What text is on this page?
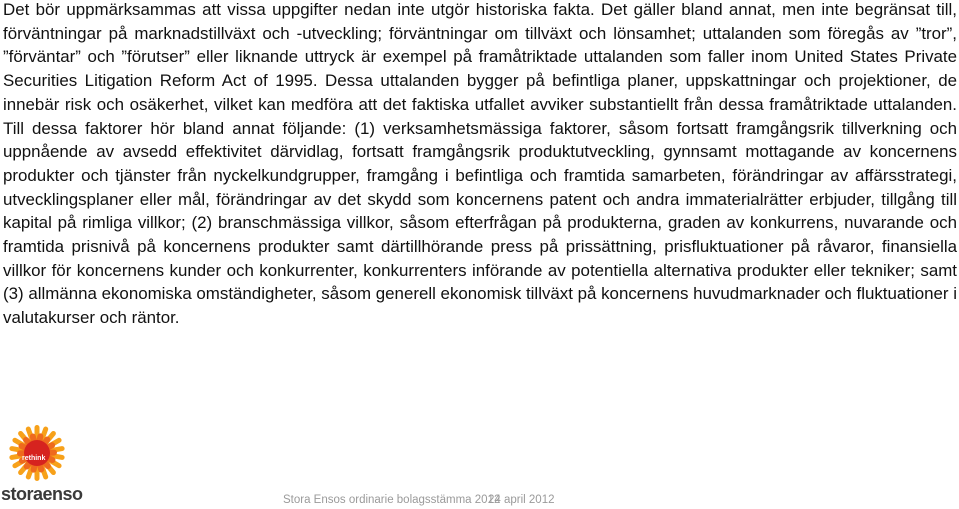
Det bör uppmärksammas att vissa uppgifter nedan inte utgör historiska fakta. Det gäller bland annat, men inte begränsat till, förväntningar på marknadstillväxt och -utveckling; förväntningar om tillväxt och lönsamhet; uttalanden som föregås av ”tror”, ”förväntar” och ”förutser” eller liknande uttryck är exempel på framåtriktade uttalanden som faller inom United States Private Securities Litigation Reform Act of 1995. Dessa uttalanden bygger på befintliga planer, uppskattningar och projektioner, de innebär risk och osäkerhet, vilket kan medföra att det faktiska utfallet avviker substantiellt från dessa framåtriktade uttalanden. Till dessa faktorer hör bland annat följande: (1) verksamhetsmässiga faktorer, såsom fortsatt framgångsrik tillverkning och uppnående av avsedd effektivitet därvidlag, fortsatt framgångsrik produktutveckling, gynnsamt mottagande av koncernens produkter och tjänster från nyckelkundgrupper, framgång i befintliga och framtida samarbeten, förändringar av affärsstrategi, utvecklingsplaner eller mål, förändringar av det skydd som koncernens patent och andra immaterialrätter erbjuder, tillgång till kapital på rimliga villkor; (2) branschmässiga villkor, såsom efterfrågan på produkterna, graden av konkurrens, nuvarande och framtida prisnivå på koncernens produkter samt därtillhörande press på prissättning, prisfluktuationer på råvaror, finansiella villkor för koncernens kunder och konkurrenter, konkurrenters införande av potentiella alternativa produkter eller tekniker; samt (3) allmänna ekonomiska omständigheter, såsom generell ekonomisk tillväxt på koncernens huvudmarknader och fluktuationer i valutakurser och räntor.
rethink
storaenso	Stora Ensos ordinarie bolagsstämma 2012
24 april 2012
